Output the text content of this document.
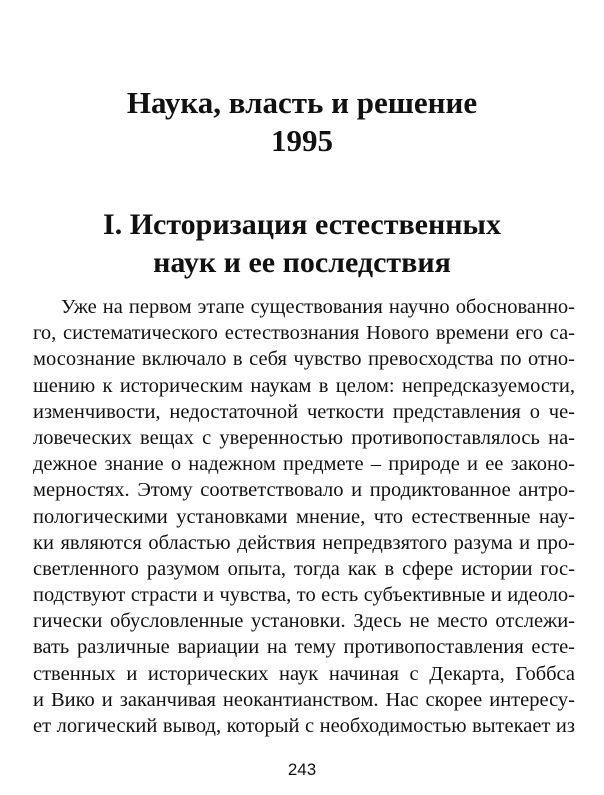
Наука, власть и решение
1995
I. Историзация естественных
наук и ее последствия
Уже на первом этапе существования научно обоснованно-
го, систематического естествознания Нового времени его са-
мосознание включало в себя чувство превосходства по отно-
шению к историческим наукам в целом: непредсказуемости,
изменчивости, недостаточной четкости представления о че-
ловеческих вещах с уверенностью противопоставлялось на-
дежное знание о надежном предмете – природе и ее законо-
мерностях. Этому соответствовало и продиктованное антро-
пологическими установками мнение, что естественные нау-
ки являются областью действия непредвзятого разума и про-
светленного разумом опыта, тогда как в сфере истории гос-
подствуют страсти и чувства, то есть субъективные и идеоло-
гически обусловленные установки. Здесь не место отслежи-
вать различные вариации на тему противопоставления есте-
ственных и исторических наук начиная с Декарта, Гоббса
и Вико и заканчивая неокантианством. Нас скорее интересу-
ет логический вывод, который с необходимостью вытекает из
243
